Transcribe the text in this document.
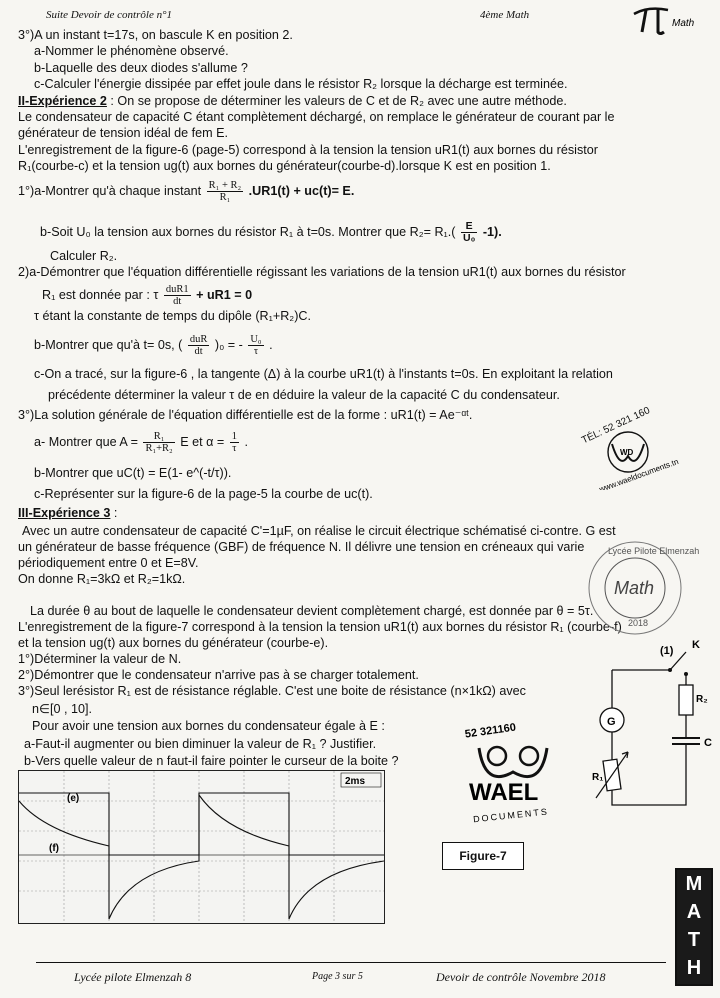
Suite Devoir de contrôle n°1	4ème Math
Math
3°)A un instant t=17s, on bascule K en position 2.
a-Nommer le phénomène observé.
b-Laquelle des deux diodes s'allume ?
c-Calculer l'énergie dissipée par effet joule dans le résistor R₂ lorsque la décharge est terminée.
II-Expérience 2 : On se propose de déterminer les valeurs de C et de R₂ avec une autre méthode.
Le condensateur de capacité C étant complètement déchargé, on remplace le générateur de courant par le
générateur de tension idéal de fem E.
L'enregistrement de la figure-6 (page-5) correspond à la tension la tension uR1(t) aux bornes du résistor
R₁(courbe-c) et la tension ug(t) aux bornes du générateur(courbe-d).lorsque K est en position 1.
1°)a-Montrer qu'à chaque instant $\frac{\text{R₁ + R₂}}{\text{R₁}} .UR1(t) + uc(t)= E$.
b-Soit U₀ la tension aux bornes du résistor R₁ à t=0s. Montrer que $R_2= R_1.( \frac{E}{\text{U₀}} -1)$.
Calculer R₂.
2)a-Démontrer que l'équation différentielle régissant les variations de la tension uR1(t) aux bornes du résistor
R₁ est donnée par : τ $\frac{\text{duR1}}{dt} + uR1 = 0$
τ étant la constante de temps du dipôle (R₁+R₂)C.
b-Montrer que qu'à t= 0s, ( $\frac{\text{duR}}{dt} )_0$ = - $\frac{\text{U₀}}{\tau}$ .
c-On a tracé, sur la figure-6 , la tangente (Δ) à la courbe uR1(t) à l'instants t=0s. En exploitant la relation
précédente déterminer la valeur τ de en déduire la valeur de la capacité C du condensateur.
3°)La solution générale de l'équation différentielle est de la forme : uR1(t) = Ae⁻ᵅᵗ.
a- Montrer que $A = \frac{\text{R₁}}{\text{R₁+R₂}}$ E et $\alpha = \frac{1}{\tau}$ .
b-Montrer que uC(t) = E(1- e^(-t/τ)).
c-Représenter sur la figure-6 de la page-5 la courbe de uc(t).
III-Expérience 3 :
Avec un autre condensateur de capacité C'=1µF, on réalise le circuit électrique schématisé ci-contre. G est
un générateur de basse fréquence (GBF) de fréquence N. Il délivre une tension en créneaux qui varie
périodiquement entre 0 et E=8V.
On donne R₁=3kΩ et R₂=1kΩ.
La durée θ au bout de laquelle le condensateur devient complètement chargé, est donnée par θ = 5τ.
L'enregistrement de la figure-7 correspond à la tension la tension uR1(t) aux bornes du résistor R₁ (courbe-f)
et la tension ug(t) aux bornes du générateur (courbe-e).
1°)Déterminer la valeur de N.
2°)Démontrer que le condensateur n'arrive pas à se charger totalement.
3°)Seul lerésistor R₁ est de résistance réglable. C'est une boite de résistance (n×1kΩ) avec
n∈[0 , 10].
Pour avoir une tension aux bornes du condensateur égale à E :
a-Faut-il augmenter ou bien diminuer la valeur de R₁ ? Justifier.
b-Vers quelle valeur de n faut-il faire pointer le curseur de la boite ?
TÉL: 52 321 160
WD
www.waeldocuments.tn
Lycée Pilote Elmenzah 8
Math
2018
52 321160
WAEL
DOCUMENTS
(1) K
G
R₂
C
R₁
2ms
(e)
(f)
Figure-7
M
A
T
H
Lycée pilote Elmenzah 8	Page 3 sur 5	Devoir de contrôle Novembre 2018
